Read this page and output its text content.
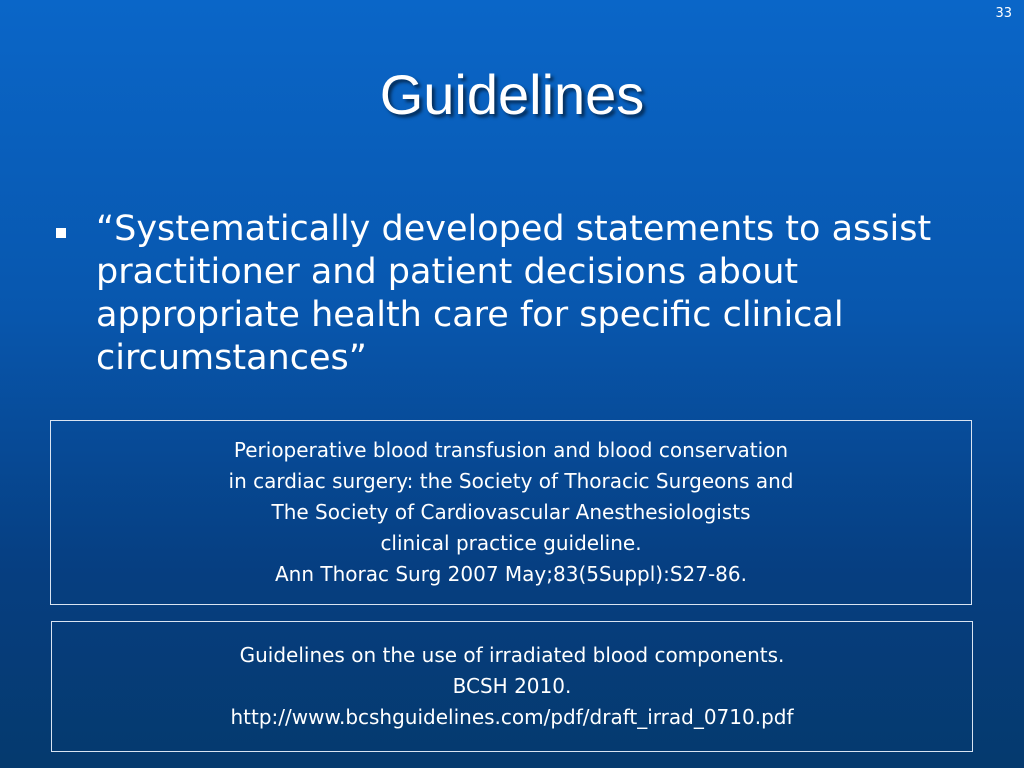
33
Guidelines
“Systematically developed statements to assist practitioner and patient decisions about appropriate health care for specific clinical circumstances”
Perioperative blood transfusion and blood conservation
in cardiac surgery: the Society of Thoracic Surgeons and
The Society of Cardiovascular Anesthesiologists
clinical practice guideline.
Ann Thorac Surg 2007 May;83(5Suppl):S27-86.
Guidelines on the use of irradiated blood components.
BCSH 2010.
http://www.bcshguidelines.com/pdf/draft_irrad_0710.pdf
